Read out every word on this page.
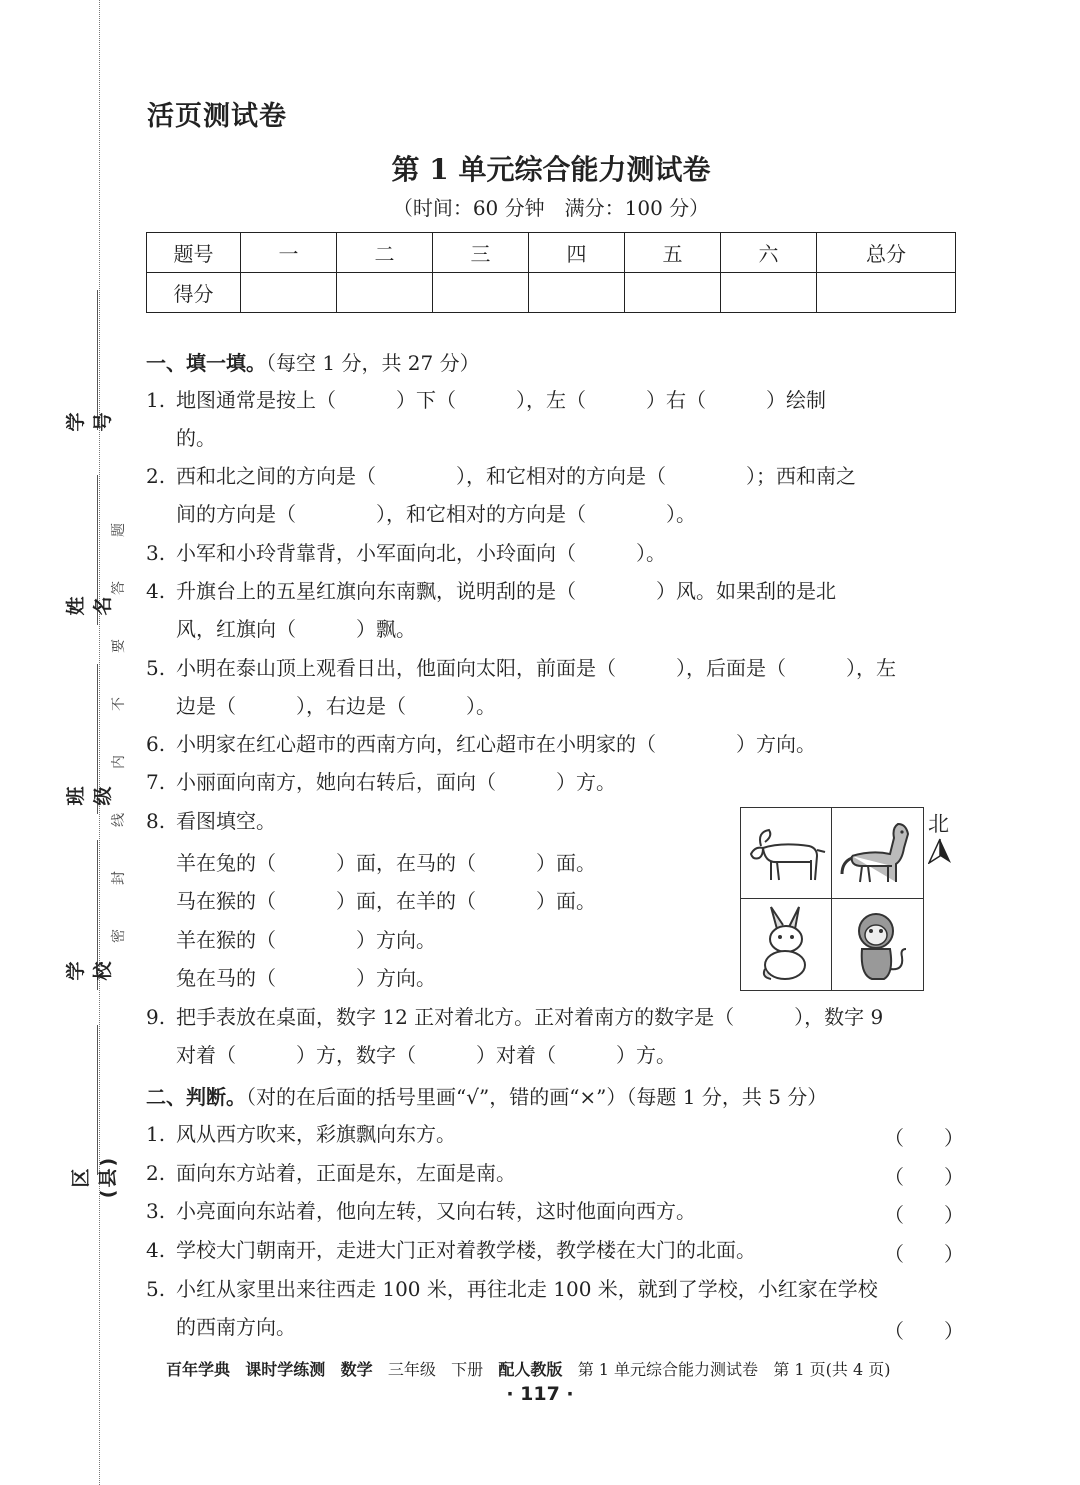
学号
姓名
班级
学校
区(县)
题
答
要
不
内
线
封
密
活页测试卷
第 1 单元综合能力测试卷
（时间：60 分钟　满分：100 分）
题号	一	二	三	四	五	六	总分
得分							
一、填一填。（每空 1 分，共 27 分）
1. 地图通常是按上（　　　）下（　　　），左（　　　）右（　　　）绘制
的。
2. 西和北之间的方向是（　　　　），和它相对的方向是（　　　　）；西和南之
间的方向是（　　　　），和它相对的方向是（　　　　）。
3. 小军和小玲背靠背，小军面向北，小玲面向（　　　）。
4. 升旗台上的五星红旗向东南飘，说明刮的是（　　　　）风。如果刮的是北
风，红旗向（　　　）飘。
5. 小明在泰山顶上观看日出，他面向太阳，前面是（　　　），后面是（　　　），左
边是（　　　），右边是（　　　）。
6. 小明家在红心超市的西南方向，红心超市在小明家的（　　　　）方向。
7. 小丽面向南方，她向右转后，面向（　　　）方。
8. 看图填空。
羊在兔的（　　　）面，在马的（　　　）面。
马在猴的（　　　）面，在羊的（　　　）面。
羊在猴的（　　　　）方向。
兔在马的（　　　　）方向。
北
9. 把手表放在桌面，数字 12 正对着北方。正对着南方的数字是（　　　），数字 9
对着（　　　）方，数字（　　　）对着（　　　）方。
二、判断。（对的在后面的括号里画“√”，错的画“×”）（每题 1 分，共 5 分）
1. 风从西方吹来，彩旗飘向东方。	（　　）
2. 面向东方站着，正面是东，左面是南。	（　　）
3. 小亮面向东站着，他向左转，又向右转，这时他面向西方。	（　　）
4. 学校大门朝南开，走进大门正对着教学楼，教学楼在大门的北面。	（　　）
5. 小红从家里出来往西走 100 米，再往北走 100 米，就到了学校，小红家在学校
的西南方向。	（　　）
百年学典 课时学练测 数学 三年级 下册 配人教版 第 1 单元综合能力测试卷 第 1 页(共 4 页)
· 117 ·
